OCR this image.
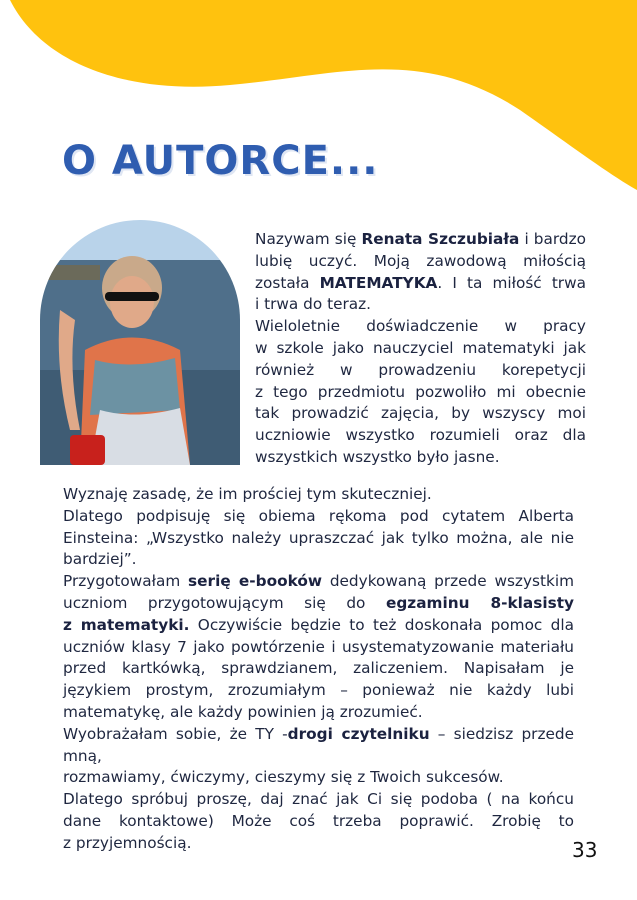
O AUTORCE...
Nazywam się Renata Szczubiała i bardzo
lubię uczyć. Moją zawodową miłością
została MATEMATYKA. I ta miłość trwa
i trwa do teraz.
Wieloletnie doświadczenie w pracy
w szkole jako nauczyciel matematyki jak
również w prowadzeniu korepetycji
z tego przedmiotu pozwoliło mi obecnie
tak prowadzić zajęcia, by wszyscy moi
uczniowie wszystko rozumieli oraz dla
wszystkich wszystko było jasne.
Wyznaję zasadę, że im prościej tym skuteczniej.
Dlatego podpisuję się obiema rękoma pod cytatem Alberta
Einsteina: „Wszystko należy upraszczać jak tylko można, ale nie
bardziej”.
Przygotowałam serię e-booków dedykowaną przede wszystkim
uczniom przygotowującym się do egzaminu 8-klasisty
z matematyki. Oczywiście będzie to też doskonała pomoc dla
uczniów klasy 7 jako powtórzenie i usystematyzowanie materiału
przed kartkówką, sprawdzianem, zaliczeniem. Napisałam je
językiem prostym, zrozumiałym – ponieważ nie każdy lubi
matematykę, ale każdy powinien ją zrozumieć.
Wyobrażałam sobie, że TY -drogi czytelniku – siedzisz przede mną,
rozmawiamy, ćwiczymy, cieszymy się z Twoich sukcesów.
Dlatego spróbuj proszę, daj znać jak Ci się podoba ( na końcu
dane kontaktowe) Może coś trzeba poprawić. Zrobię to
z przyjemnością.	33
